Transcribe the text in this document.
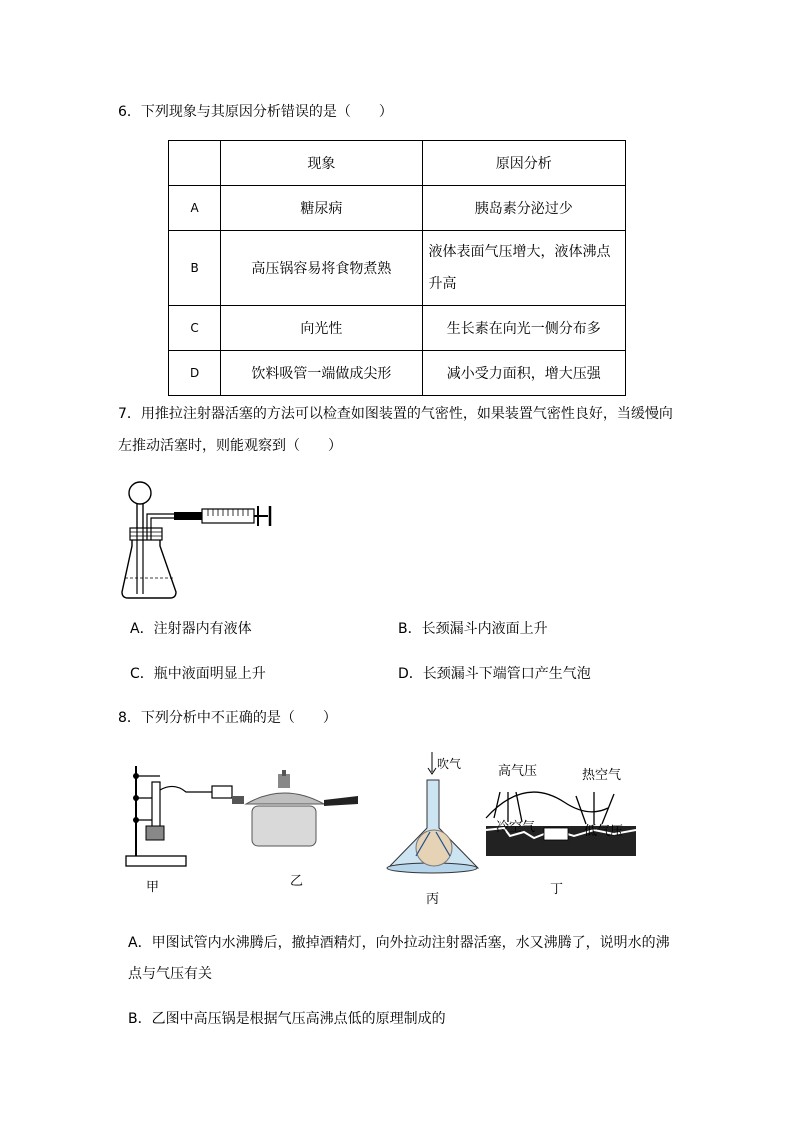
6．下列现象与其原因分析错误的是（　　）
	现象	原因分析
A	糖尿病	胰岛素分泌过少
B	高压锅容易将食物煮熟	液体表面气压增大，液体沸点升高
C	向光性	生长素在向光一侧分布多
D	饮料吸管一端做成尖形	减小受力面积，增大压强
7．用推拉注射器活塞的方法可以检查如图装置的气密性，如果装置气密性良好，当缓慢向
左推动活塞时，则能观察到（　　）
A．注射器内有液体	B．长颈漏斗内液面上升
C．瓶中液面明显上升	D．长颈漏斗下端管口产生气泡
8．下列分析中不正确的是（　　）
甲	乙
吹气
丙
高气压	热空气
冷空气	低气压
丁
A．甲图试管内水沸腾后，撤掉酒精灯，向外拉动注射器活塞，水又沸腾了，说明水的沸
点与气压有关
B．乙图中高压锅是根据气压高沸点低的原理制成的
